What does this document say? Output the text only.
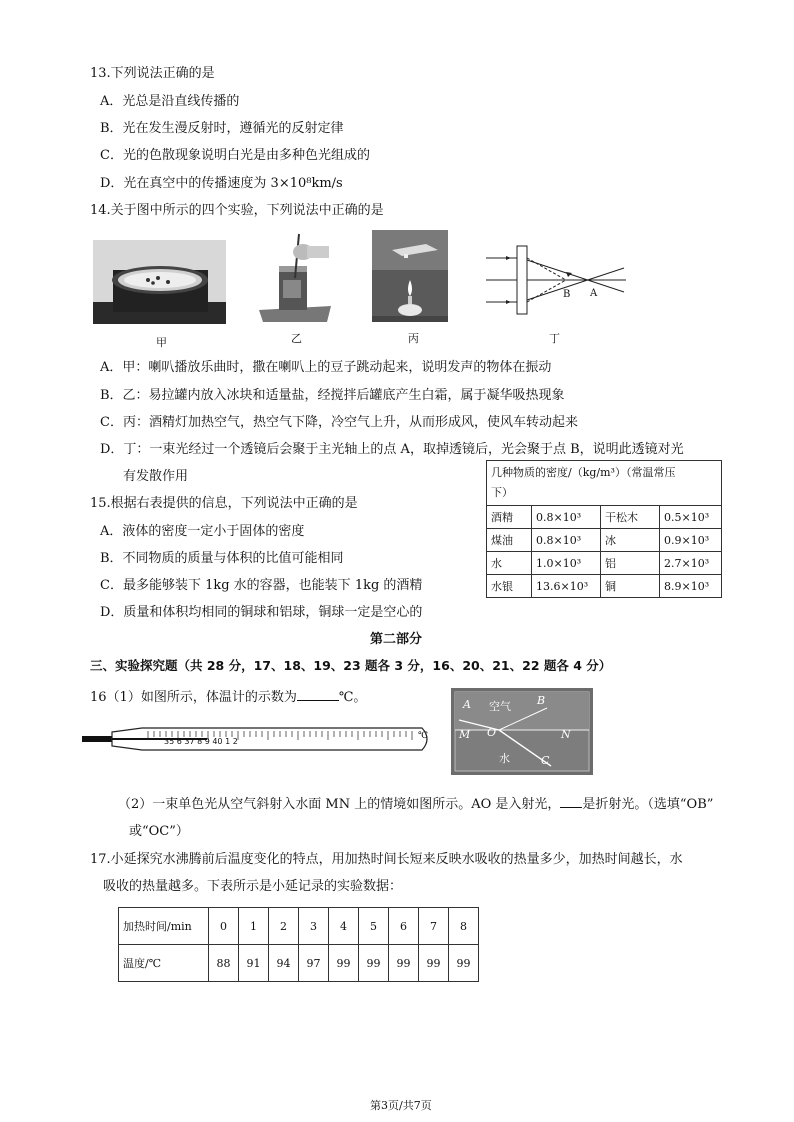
13.下列说法正确的是
A．光总是沿直线传播的
B．光在发生漫反射时，遵循光的反射定律
C．光的色散现象说明白光是由多种色光组成的
D．光在真空中的传播速度为 3×10⁸km/s
14.关于图中所示的四个实验，下列说法中正确的是
甲	乙	丙
B A
丁
A．甲：喇叭播放乐曲时，撒在喇叭上的豆子跳动起来，说明发声的物体在振动
B．乙：易拉罐内放入冰块和适量盐，经搅拌后罐底产生白霜，属于凝华吸热现象
C．丙：酒精灯加热空气，热空气下降，冷空气上升，从而形成风，使风车转动起来
D．丁：一束光经过一个透镜后会聚于主光轴上的点 A，取掉透镜后，光会聚于点 B，说明此透镜对光
有发散作用
15.根据右表提供的信息，下列说法中正确的是
A．液体的密度一定小于固体的密度
B．不同物质的质量与体积的比值可能相同
C．最多能够装下 1kg 水的容器，也能装下 1kg 的酒精
D．质量和体积均相同的铜球和铝球，铜球一定是空心的
几种物质的密度/（kg/m³）（常温常压
下）			

酒精	0.8×10³	干松木	0.5×10³
煤油	0.8×10³	冰	0.9×10³
水	1.0×10³	铝	2.7×10³
水银	13.6×10³	铜	8.9×10³
第二部分
三、实验探究题（共 28 分，17、18、19、23 题各 3 分，16、20、21、22 题各 4 分）
16（1）如图所示，体温计的示数为	℃。
35 6 37 8 9 40 1 2
℃
A 空气 B
M O	N
水	C
（2）一束单色光从空气斜射入水面 MN 上的情境如图所示。AO 是入射光， 是折射光。（选填“OB”
或“OC”）
17.小延探究水沸腾前后温度变化的特点，用加热时间长短来反映水吸收的热量多少，加热时间越长，水
吸收的热量越多。下表所示是小延记录的实验数据：
加热时间/min	0	1	2	3	4	5	6	7	8
温度/℃	88	91	94	97	99	99	99	99	99
第3页/共7页
